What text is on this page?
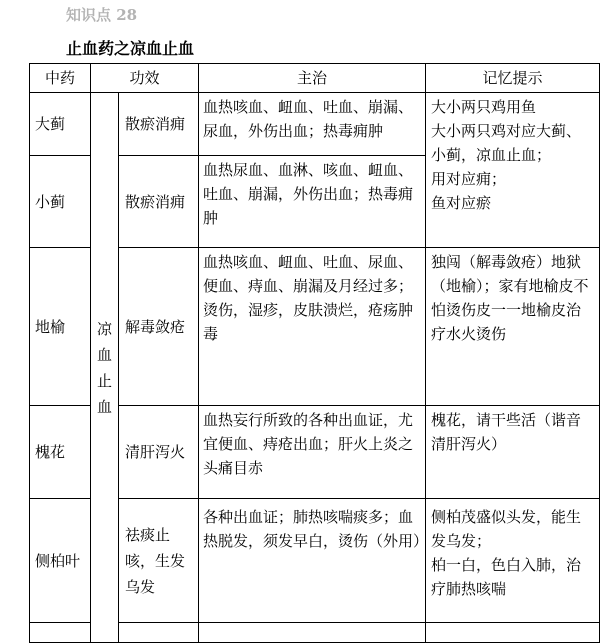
知识点 28
止血药之凉血止血
中药	功效		主治	记忆提示
大蓟	凉血止血	散瘀消痈	血热咳血、衄血、吐血、崩漏、尿血，外伤出血；热毒痈肿	大小两只鸡用鱼
大小两只鸡对应大蓟、小蓟，凉血止血；
用对应痈；
鱼对应瘀

小蓟		散瘀消痈	血热尿血、血淋、咳血、衄血、吐血、崩漏，外伤出血；热毒痈肿	
地榆		解毒敛疮	血热咳血、衄血、吐血、尿血、便血、痔血、崩漏及月经过多；烫伤，湿疹，皮肤溃烂，疮疡肿毒	独闯（解毒敛疮）地狱（地榆）；家有地榆皮不怕烫伤皮一一地榆皮治疗水火烫伤
槐花		清肝泻火	血热妄行所致的各种出血证，尤宜便血、痔疮出血；肝火上炎之头痛目赤	槐花，请干些活（谐音清肝泻火）
侧柏叶		祛痰止咳，生发乌发	各种出血证；肺热咳喘痰多；血热脱发，须发早白，烫伤（外用）	侧柏茂盛似头发，能生发乌发；
柏一白，色白入肺，治疗肺热咳喘
